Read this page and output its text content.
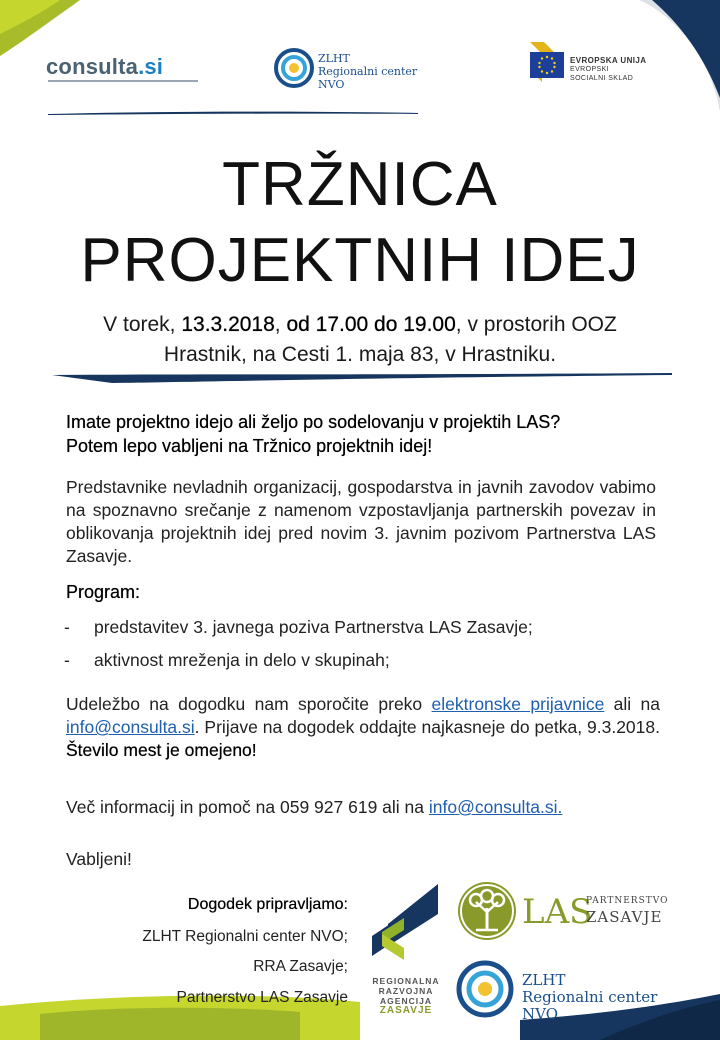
consulta.si	ZLHT
Regionalni center NVO
EVROPSKA UNIJA
EVROPSKI
SOCIALNI SKLAD
TRŽNICA
PROJEKTNIH IDEJ
V torek, 13.3.2018, od 17.00 do 19.00, v prostorih OOZ
Hrastnik, na Cesti 1. maja 83, v Hrastniku.
Imate projektno idejo ali željo po sodelovanju v projektih LAS?
Potem lepo vabljeni na Tržnico projektnih idej!
Predstavnike nevladnih organizacij, gospodarstva in javnih zavodov vabimo na spoznavno srečanje z namenom vzpostavljanja partnerskih povezav in oblikovanja projektnih idej pred novim 3. javnim pozivom Partnerstva LAS Zasavje.
Program:
- predstavitev 3. javnega poziva Partnerstva LAS Zasavje;
- aktivnost mreženja in delo v skupinah;
Udeležbo na dogodku nam sporočite preko elektronske prijavnice ali na info@consulta.si. Prijave na dogodek oddajte najkasneje do petka, 9.3.2018. Število mest je omejeno!
Več informacij in pomoč na 059 927 619 ali na info@consulta.si.
Vabljeni!
Dogodek pripravljamo:
ZLHT Regionalni center NVO;
RRA Zasavje;
Partnerstvo LAS Zasavje
REGIONALNA
RAZVOJNA
AGENCIJA
ZASAVJE
LAS
PARTNERSTVO
ZASAVJE
ZLHT
Regionalni center NVO
